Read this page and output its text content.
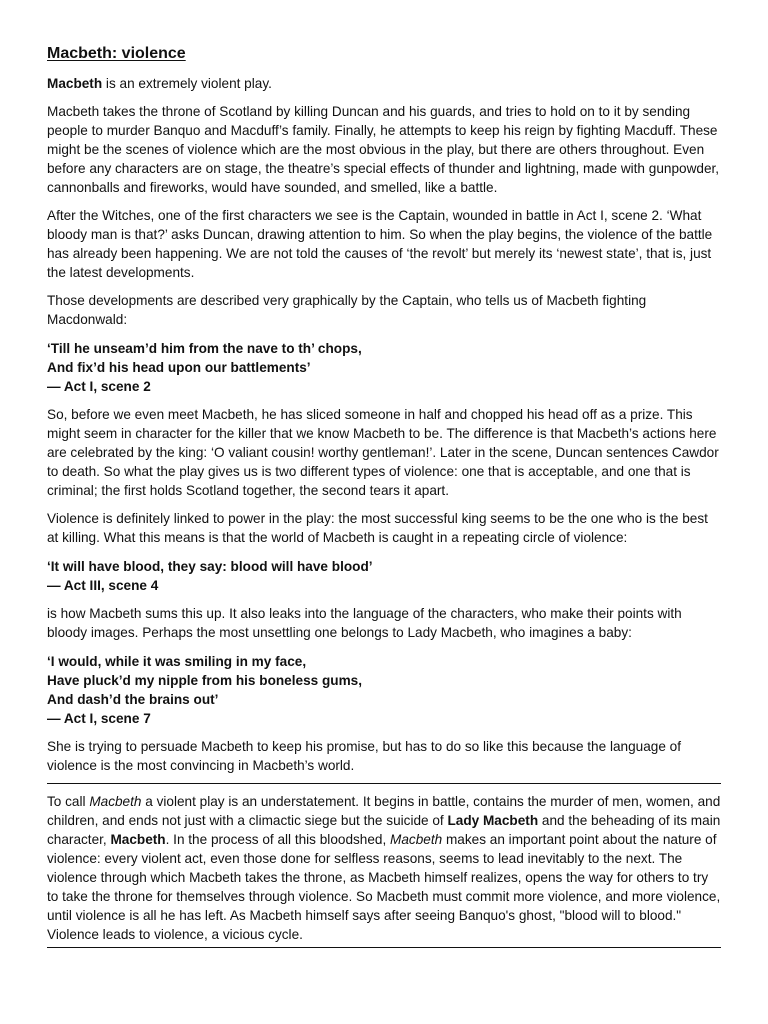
Macbeth: violence

Macbeth is an extremely violent play.

Macbeth takes the throne of Scotland by killing Duncan and his guards, and tries to hold on to it by sending people to murder Banquo and Macduff’s family. Finally, he attempts to keep his reign by fighting Macduff. These might be the scenes of violence which are the most obvious in the play, but there are others throughout. Even before any characters are on stage, the theatre’s special effects of thunder and lightning, made with gunpowder, cannonballs and fireworks, would have sounded, and smelled, like a battle.

After the Witches, one of the first characters we see is the Captain, wounded in battle in Act I, scene 2. ‘What bloody man is that?’ asks Duncan, drawing attention to him. So when the play begins, the violence of the battle has already been happening. We are not told the causes of ‘the revolt’ but merely its ‘newest state’, that is, just the latest developments.

Those developments are described very graphically by the Captain, who tells us of Macbeth fighting Macdonwald:

‘Till he unseam’d him from the nave to th’ chops,
And fix’d his head upon our battlements’
— Act I, scene 2

So, before we even meet Macbeth, he has sliced someone in half and chopped his head off as a prize. This might seem in character for the killer that we know Macbeth to be. The difference is that Macbeth’s actions here are celebrated by the king: ‘O valiant cousin! worthy gentleman!’. Later in the scene, Duncan sentences Cawdor to death. So what the play gives us is two different types of violence: one that is acceptable, and one that is criminal; the first holds Scotland together, the second tears it apart.

Violence is definitely linked to power in the play: the most successful king seems to be the one who is the best at killing. What this means is that the world of Macbeth is caught in a repeating circle of violence:

‘It will have blood, they say: blood will have blood’
— Act III, scene 4

is how Macbeth sums this up. It also leaks into the language of the characters, who make their points with bloody images. Perhaps the most unsettling one belongs to Lady Macbeth, who imagines a baby:

‘I would, while it was smiling in my face,
Have pluck’d my nipple from his boneless gums,
And dash’d the brains out’
— Act I, scene 7

She is trying to persuade Macbeth to keep his promise, but has to do so like this because the language of violence is the most convincing in Macbeth’s world.

To call Macbeth a violent play is an understatement. It begins in battle, contains the murder of men, women, and children, and ends not just with a climactic siege but the suicide of Lady Macbeth and the beheading of its main character, Macbeth. In the process of all this bloodshed, Macbeth makes an important point about the nature of violence: every violent act, even those done for selfless reasons, seems to lead inevitably to the next. The violence through which Macbeth takes the throne, as Macbeth himself realizes, opens the way for others to try to take the throne for themselves through violence. So Macbeth must commit more violence, and more violence, until violence is all he has left. As Macbeth himself says after seeing Banquo's ghost, "blood will to blood." Violence leads to violence, a vicious cycle.
